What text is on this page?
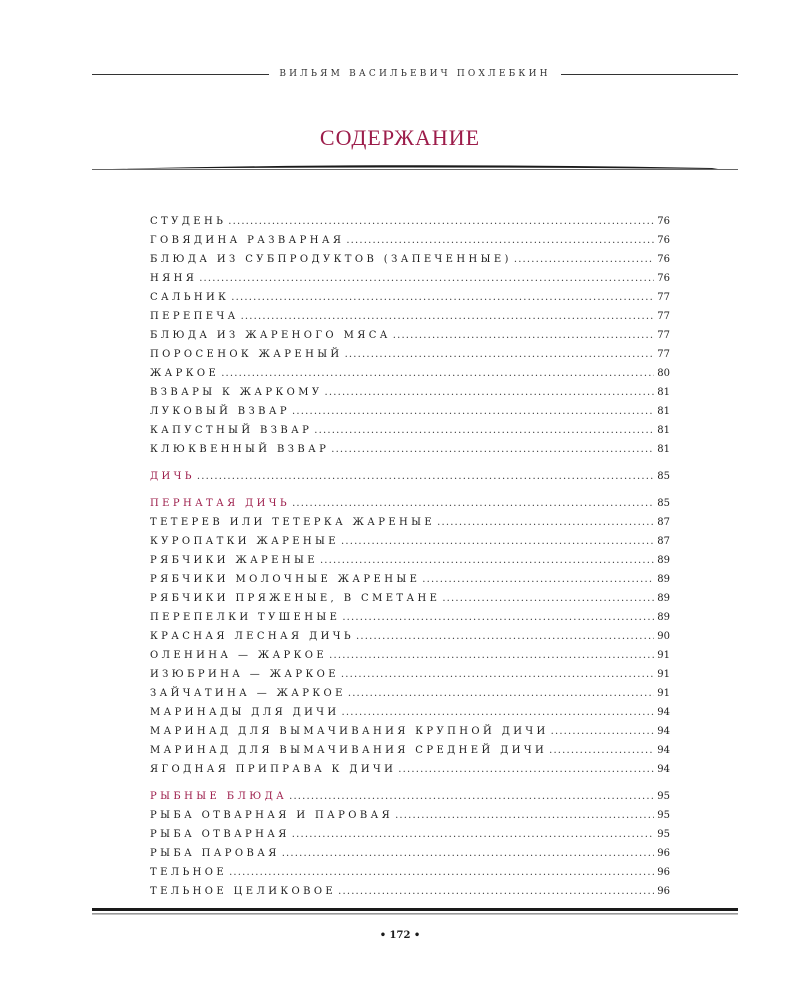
ВИЛЬЯМ ВАСИЛЬЕВИЧ ПОХЛЕБКИН
СОДЕРЖАНИЕ
СТУДЕНЬ . . .	76
ГОВЯДИНА РАЗВАРНАЯ . . .	76
БЛЮДА ИЗ СУБПРОДУКТОВ (ЗАПЕЧЕННЫЕ) . . .	76
НЯНЯ . . .	76
САЛЬНИК . . .	77
ПЕРЕПЕЧА . . .	77
БЛЮДА ИЗ ЖАРЕНОГО МЯСА . . .	77
ПОРОСЕНОК ЖАРЕНЫЙ . . .	77
ЖАРКОЕ . . .	80
ВЗВАРЫ К ЖАРКОМУ . . .	81
ЛУКОВЫЙ ВЗВАР . . .	81
КАПУСТНЫЙ ВЗВАР . . .	81
КЛЮКВЕННЫЙ ВЗВАР . . .	81
ДИЧЬ . . .	85
ПЕРНАТАЯ ДИЧЬ . . .	85
ТЕТЕРЕВ ИЛИ ТЕТЕРКА ЖАРЕНЫЕ . . .	87
КУРОПАТКИ ЖАРЕНЫЕ . . .	87
РЯБЧИКИ ЖАРЕНЫЕ . . .	89
РЯБЧИКИ МОЛОЧНЫЕ ЖАРЕНЫЕ . . .	89
РЯБЧИКИ ПРЯЖЕНЫЕ, В СМЕТАНЕ . . .	89
ПЕРЕПЕЛКИ ТУШЕНЫЕ . . .	89
КРАСНАЯ ЛЕСНАЯ ДИЧЬ . . .	90
ОЛЕНИНА — ЖАРКОЕ . . .	91
ИЗЮБРИНА — ЖАРКОЕ . . .	91
ЗАЙЧАТИНА — ЖАРКОЕ . . .	91
МАРИНАДЫ ДЛЯ ДИЧИ . . .	94
МАРИНАД ДЛЯ ВЫМАЧИВАНИЯ КРУПНОЙ ДИЧИ . . .	94
МАРИНАД ДЛЯ ВЫМАЧИВАНИЯ СРЕДНЕЙ ДИЧИ . . .	94
ЯГОДНАЯ ПРИПРАВА К ДИЧИ . . .	94
РЫБНЫЕ БЛЮДА . . .	95
РЫБА ОТВАРНАЯ И ПАРОВАЯ . . .	95
РЫБА ОТВАРНАЯ . . .	95
РЫБА ПАРОВАЯ . . .	96
ТЕЛЬНОЕ . . .	96
ТЕЛЬНОЕ ЦЕЛИКОВОЕ . . .	96
• 172 •
